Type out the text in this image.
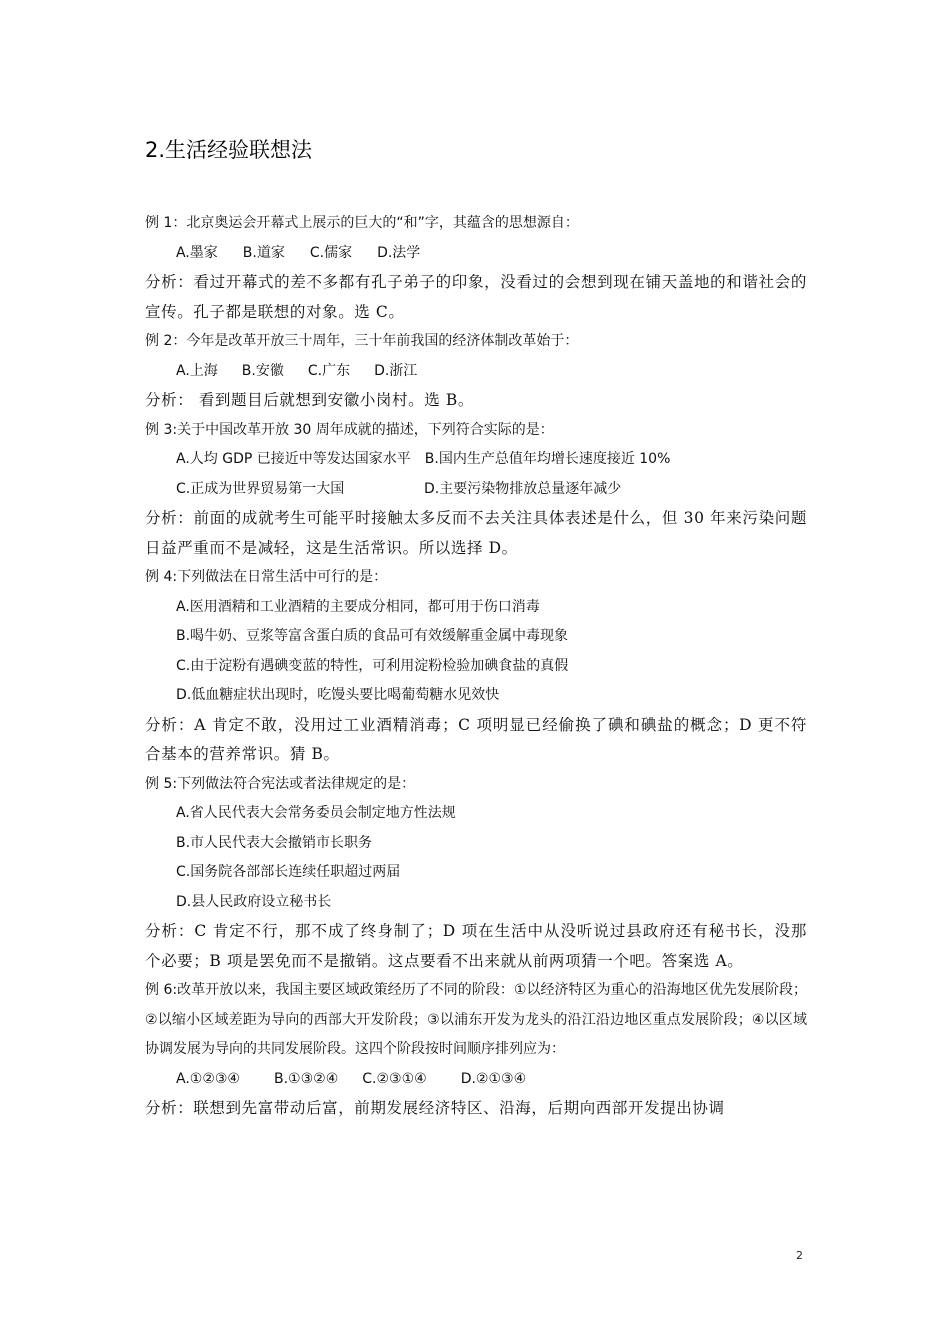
2.生活经验联想法
例 1：北京奥运会开幕式上展示的巨大的“和”字，其蕴含的思想源自：
A.墨家 B.道家 C.儒家 D.法学
分析：看过开幕式的差不多都有孔子弟子的印象，没看过的会想到现在铺天盖地的和谐社会的宣传。孔子都是联想的对象。选 C。
例 2：今年是改革开放三十周年，三十年前我国的经济体制改革始于：
A.上海 B.安徽 C.广东 D.浙江
分析： 看到题目后就想到安徽小岗村。选 B。
例 3:关于中国改革开放 30 周年成就的描述，下列符合实际的是：
A.人均 GDP 已接近中等发达国家水平 B.国内生产总值年均增长速度接近 10%
C.正成为世界贸易第一大国	D.主要污染物排放总量逐年减少
分析：前面的成就考生可能平时接触太多反而不去关注具体表述是什么，但 30 年来污染问题日益严重而不是减轻，这是生活常识。所以选择 D。
例 4:下列做法在日常生活中可行的是：
A.医用酒精和工业酒精的主要成分相同，都可用于伤口消毒
B.喝牛奶、豆浆等富含蛋白质的食品可有效缓解重金属中毒现象
C.由于淀粉有遇碘变蓝的特性，可利用淀粉检验加碘食盐的真假
D.低血糖症状出现时，吃馒头要比喝葡萄糖水见效快
分析：A 肯定不敢，没用过工业酒精消毒；C 项明显已经偷换了碘和碘盐的概念；D 更不符合基本的营养常识。猜 B。
例 5:下列做法符合宪法或者法律规定的是：
A.省人民代表大会常务委员会制定地方性法规
B.市人民代表大会撤销市长职务
C.国务院各部部长连续任职超过两届
D.县人民政府设立秘书长
分析：C 肯定不行，那不成了终身制了；D 项在生活中从没听说过县政府还有秘书长，没那个必要；B 项是罢免而不是撤销。这点要看不出来就从前两项猜一个吧。答案选 A。
例 6:改革开放以来，我国主要区域政策经历了不同的阶段：①以经济特区为重心的沿海地区优先发展阶段；②以缩小区域差距为导向的西部大开发阶段；③以浦东开发为龙头的沿江沿边地区重点发展阶段；④以区域协调发展为导向的共同发展阶段。这四个阶段按时间顺序排列应为：
A.①②③④ B.①③②④ C.②③①④ D.②①③④
分析：联想到先富带动后富，前期发展经济特区、沿海，后期向西部开发提出协调
2
